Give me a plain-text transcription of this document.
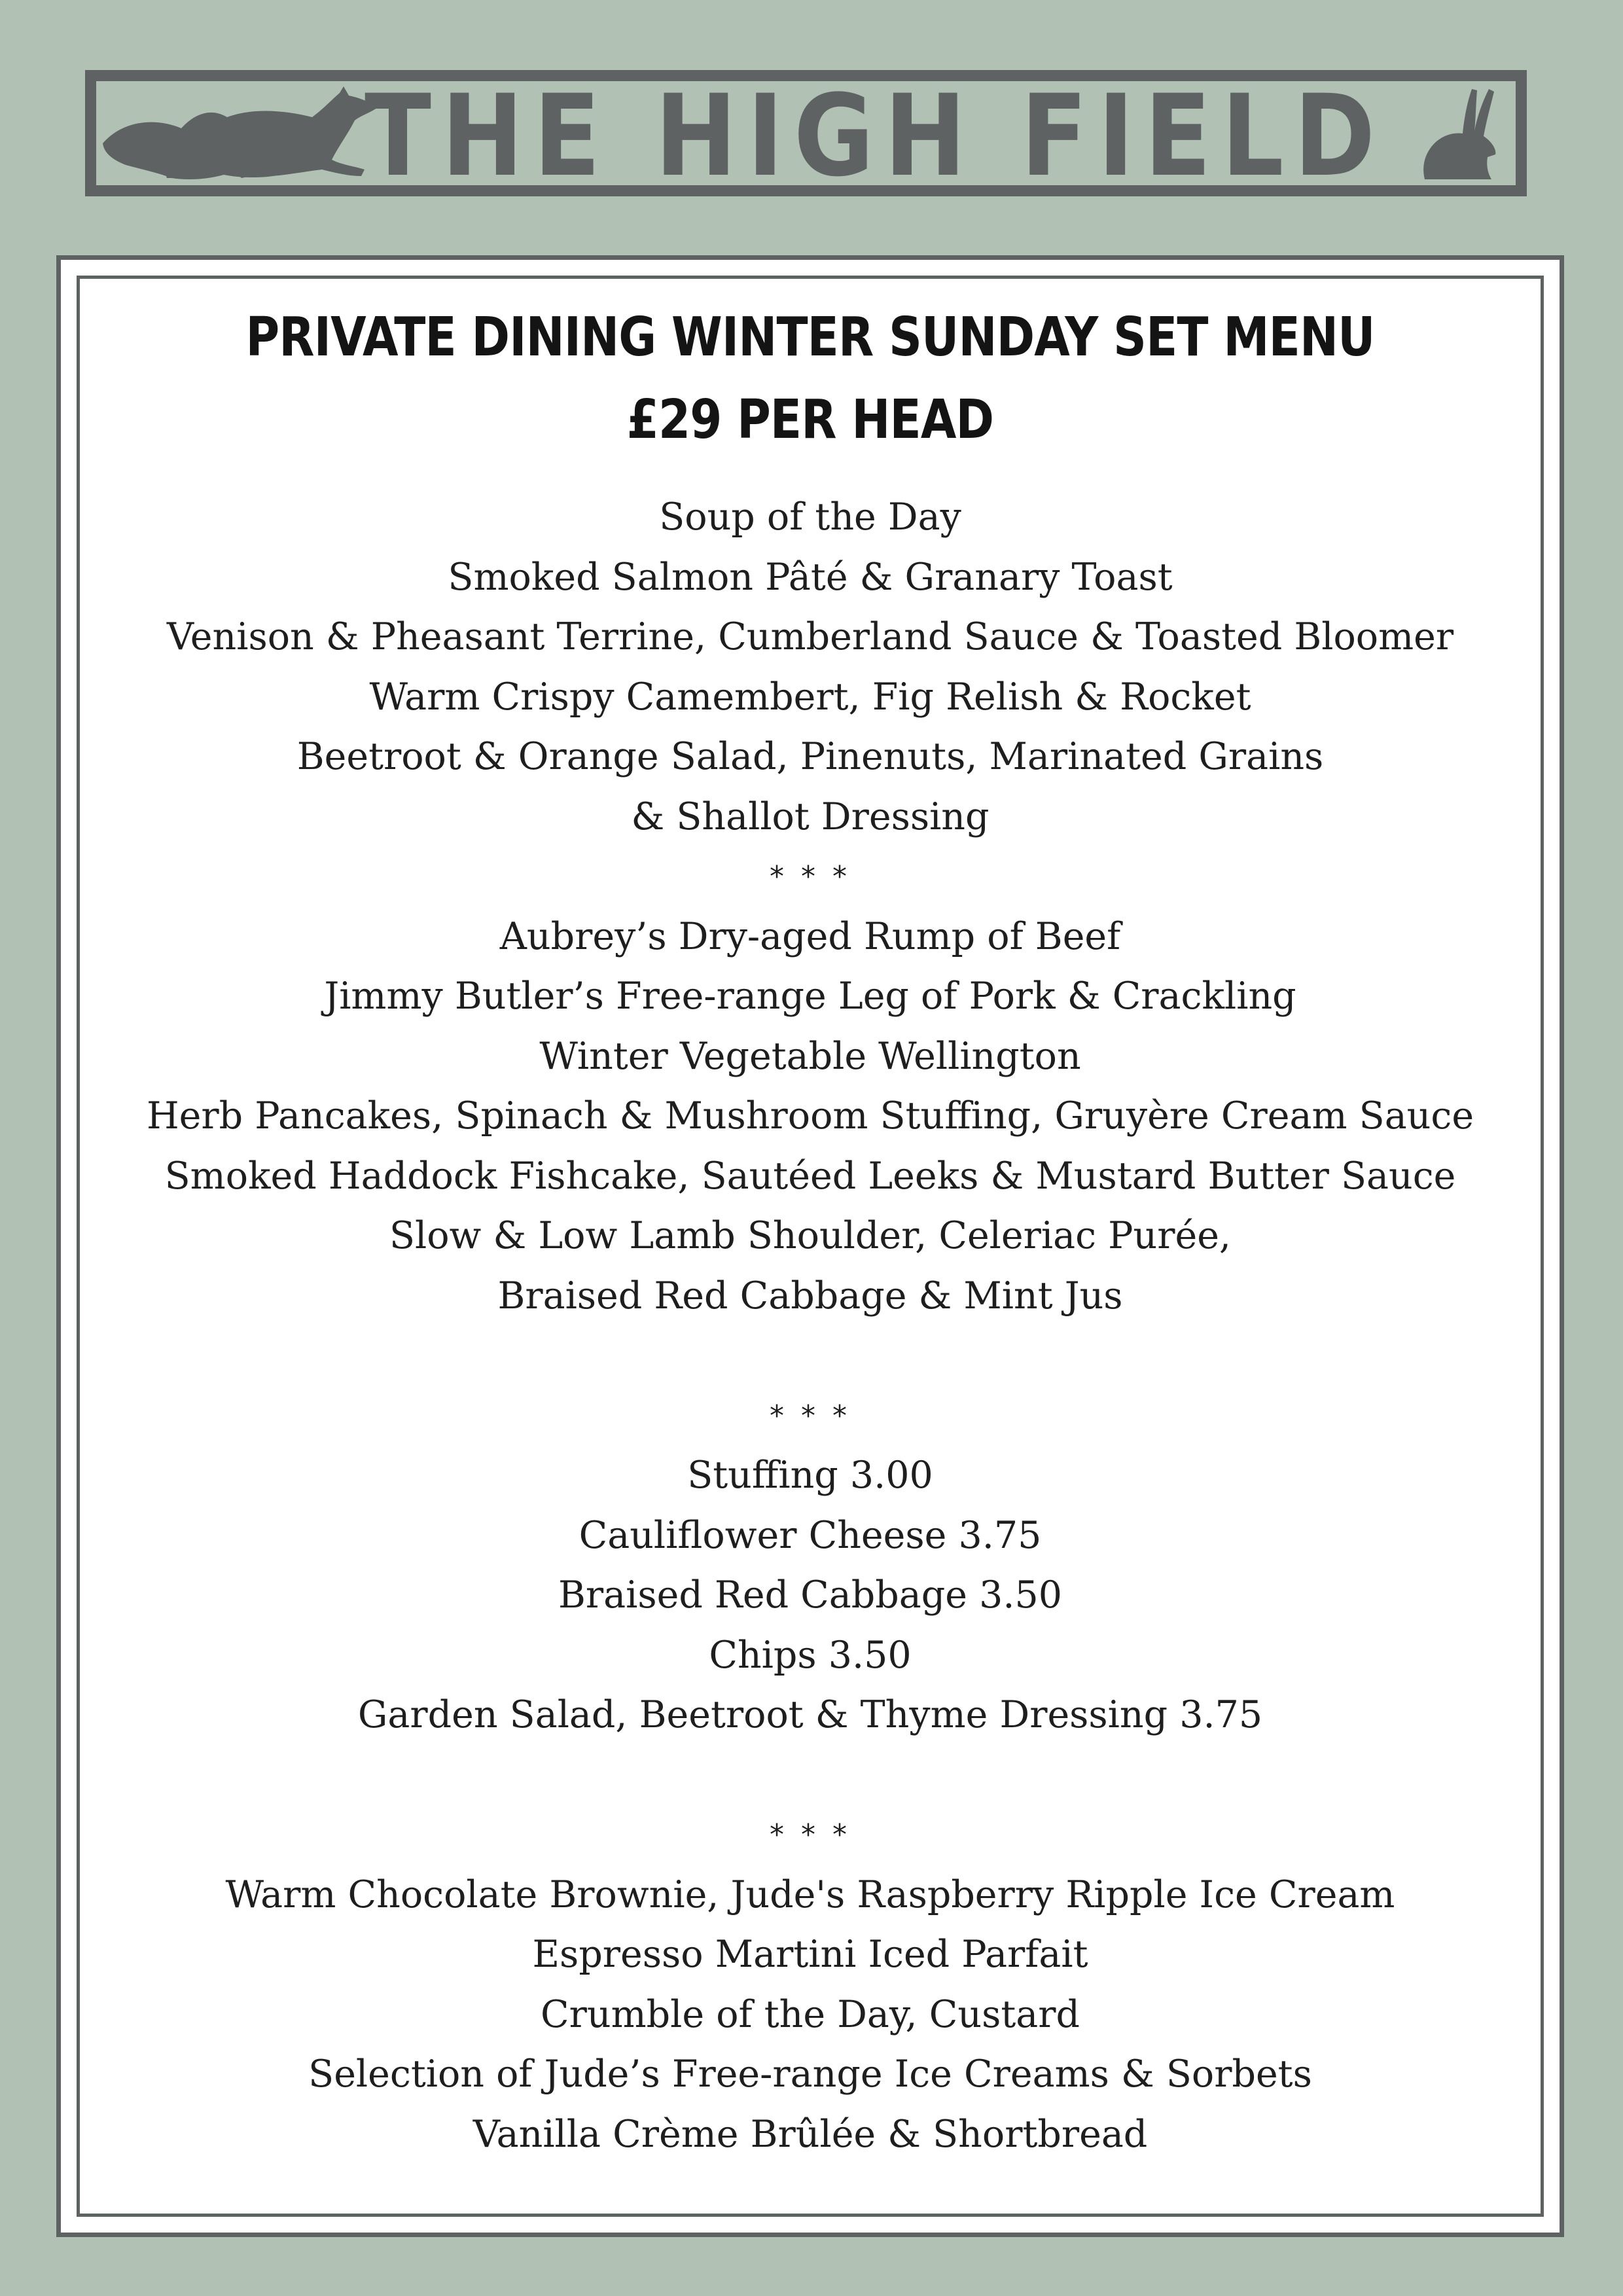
THE HIGH FIELD
PRIVATE DINING WINTER SUNDAY SET MENU
£29 PER HEAD
Soup of the Day
Smoked Salmon Pâté & Granary Toast
Venison & Pheasant Terrine, Cumberland Sauce & Toasted Bloomer
Warm Crispy Camembert, Fig Relish & Rocket
Beetroot & Orange Salad, Pinenuts, Marinated Grains
& Shallot Dressing
* * *
Aubrey’s Dry-aged Rump of Beef
Jimmy Butler’s Free-range Leg of Pork & Crackling
Winter Vegetable Wellington
Herb Pancakes, Spinach & Mushroom Stuffing, Gruyère Cream Sauce
Smoked Haddock Fishcake, Sautéed Leeks & Mustard Butter Sauce
Slow & Low Lamb Shoulder, Celeriac Purée,
Braised Red Cabbage & Mint Jus
* * *
Stuffing 3.00
Cauliflower Cheese 3.75
Braised Red Cabbage 3.50
Chips 3.50
Garden Salad, Beetroot & Thyme Dressing 3.75
* * *
Warm Chocolate Brownie, Jude's Raspberry Ripple Ice Cream
Espresso Martini Iced Parfait
Crumble of the Day, Custard
Selection of Jude’s Free-range Ice Creams & Sorbets
Vanilla Crème Brûlée & Shortbread
